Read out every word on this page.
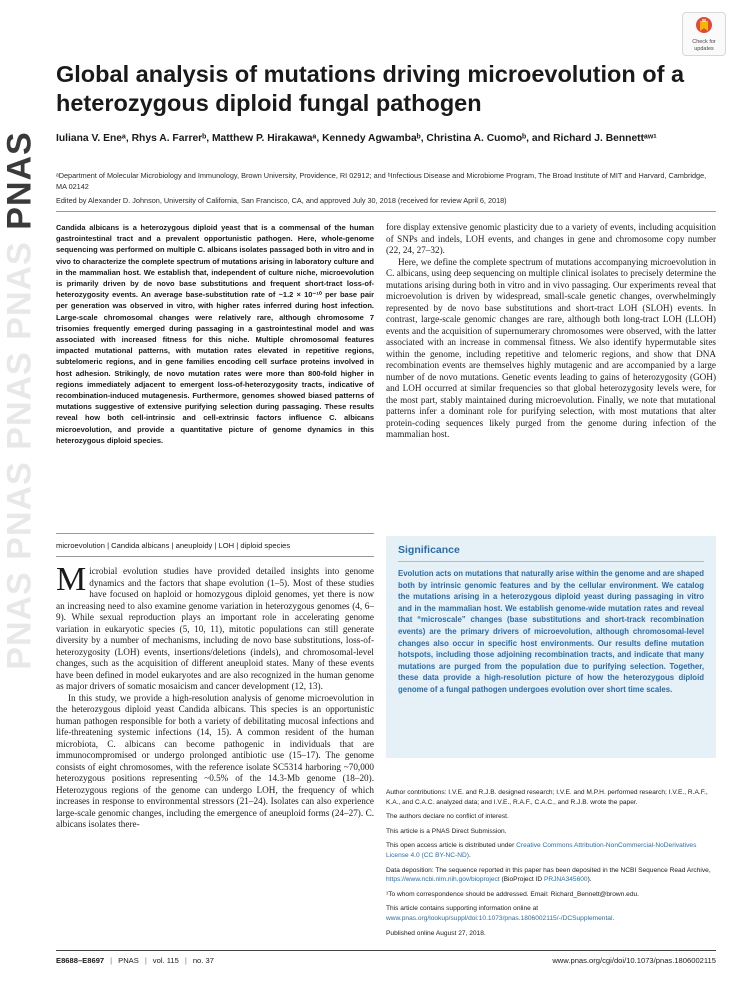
PNAS
PNAS
PNAS
PNAS
PNAS
Check for updates
Global analysis of mutations driving microevolution of a heterozygous diploid fungal pathogen
Iuliana V. Eneᵃ, Rhys A. Farrerᵇ, Matthew P. Hirakawaᵃ, Kennedy Agwambaᵇ, Christina A. Cuomoᵇ, and Richard J. Bennettᵃʷ¹
ᵃDepartment of Molecular Microbiology and Immunology, Brown University, Providence, RI 02912; and ᵇInfectious Disease and Microbiome Program, The Broad Institute of MIT and Harvard, Cambridge, MA 02142
Edited by Alexander D. Johnson, University of California, San Francisco, CA, and approved July 30, 2018 (received for review April 6, 2018)

Candida albicans is a heterozygous diploid yeast that is a commensal of the human gastrointestinal tract and a prevalent opportunistic pathogen. Here, whole-genome sequencing was performed on multiple C. albicans isolates passaged both in vitro and in vivo to characterize the complete spectrum of mutations arising in laboratory culture and in the mammalian host. We establish that, independent of culture niche, microevolution is primarily driven by de novo base substitutions and frequent short-tract loss-of-heterozygosity events. An average base-substitution rate of ~1.2 × 10⁻¹⁰ per base pair per generation was observed in vitro, with higher rates inferred during host infection. Large-scale chromosomal changes were relatively rare, although chromosome 7 trisomies frequently emerged during passaging in a gastrointestinal model and was associated with increased fitness for this niche. Multiple chromosomal features impacted mutational patterns, with mutation rates elevated in repetitive regions, subtelomeric regions, and in gene families encoding cell surface proteins involved in host adhesion. Strikingly, de novo mutation rates were more than 800-fold higher in regions immediately adjacent to emergent loss-of-heterozygosity tracts, indicative of recombination-induced mutagenesis. Furthermore, genomes showed biased patterns of mutations suggestive of extensive purifying selection during passaging. These results reveal how both cell-intrinsic and cell-extrinsic factors influence C. albicans microevolution, and provide a quantitative picture of genome dynamics in this heterozygous diploid species.

microevolution | Candida albicans | aneuploidy | LOH | diploid species

Microbial evolution studies have provided detailed insights into genome dynamics and the factors that shape evolution (1–5). Most of these studies have focused on haploid or homozygous diploid genomes, yet there is now an increasing need to also examine genome variation in heterozygous genomes (4, 6–9). While sexual reproduction plays an important role in accelerating genome variation in eukaryotic species (5, 10, 11), mitotic populations can still generate diversity by a number of mechanisms, including de novo base substitutions, loss-of-heterozygosity (LOH) events, insertions/deletions (indels), and chromosomal-level changes, such as the acquisition of different aneuploid states. Many of these events have been defined in model eukaryotes and are also recognized in the human genome as major drivers of somatic mosaicism and cancer development (12, 13).

In this study, we provide a high-resolution analysis of genome microevolution in the heterozygous diploid yeast Candida albicans. This species is an opportunistic human pathogen responsible for both a variety of debilitating mucosal infections and life-threatening systemic infections (14, 15). A common resident of the human microbiota, C. albicans can become pathogenic in individuals that are immunocompromised or undergo prolonged antibiotic use (15–17). The genome consists of eight chromosomes, with the reference isolate SC5314 harboring ~70,000 heterozygous positions representing ~0.5% of the 14.3-Mb genome (18–20). Heterozygous regions of the genome can undergo LOH, the frequency of which increases in response to environmental stressors (21–24). Isolates can also experience large-scale genomic changes, including the emergence of aneuploid forms (24–27). C. albicans isolates there-

fore display extensive genomic plasticity due to a variety of events, including acquisition of SNPs and indels, LOH events, and changes in gene and chromosome copy number (22, 24, 27–32).

Here, we define the complete spectrum of mutations accompanying microevolution in C. albicans, using deep sequencing on multiple clinical isolates to precisely determine the mutations arising during both in vitro and in vivo passaging. Our experiments reveal that microevolution is driven by widespread, small-scale genetic changes, overwhelmingly represented by de novo base substitutions and short-tract LOH (SLOH) events. In contrast, large-scale genomic changes are rare, although both long-tract LOH (LLOH) events and the acquisition of supernumerary chromosomes were observed, with the latter associated with an increase in commensal fitness. We also identify hypermutable sites within the genome, including repetitive and telomeric regions, and show that DNA recombination events are themselves highly mutagenic and are accompanied by a large number of de novo mutations. Genetic events leading to gains of heterozygosity (GOH) and LOH occurred at similar frequencies so that global heterozygosity levels were, for the most part, stably maintained during microevolution. Finally, we note that mutational patterns infer a dominant role for purifying selection, with most mutations that alter protein-coding sequences likely purged from the genome during infection of the mammalian host.

Significance

Evolution acts on mutations that naturally arise within the genome and are shaped both by intrinsic genomic features and by the cellular environment. We catalog the mutations arising in a heterozygous diploid yeast during passaging in vitro and in the mammalian host. We establish genome-wide mutation rates and reveal that “microscale” changes (base substitutions and short-track recombination events) are the primary drivers of microevolution, although chromosomal-level changes also occur in specific host environments. Our results define mutation hotspots, including those adjoining recombination tracts, and indicate that many mutations are purged from the population due to purifying selection. Together, these data provide a high-resolution picture of how the heterozygous diploid genome of a fungal pathogen undergoes evolution over short time scales.

Author contributions: I.V.E. and R.J.B. designed research; I.V.E. and M.P.H. performed research; I.V.E., R.A.F., K.A., and C.A.C. analyzed data; and I.V.E., R.A.F., C.A.C., and R.J.B. wrote the paper.

The authors declare no conflict of interest.

This article is a PNAS Direct Submission.

This open access article is distributed under Creative Commons Attribution-NonCommercial-NoDerivatives License 4.0 (CC BY-NC-ND).

Data deposition: The sequence reported in this paper has been deposited in the NCBI Sequence Read Archive, https://www.ncbi.nlm.nih.gov/bioproject (BioProject ID PRJNA345600).

¹To whom correspondence should be addressed. Email: Richard_Bennett@brown.edu.

This article contains supporting information online at www.pnas.org/lookup/suppl/doi:10.1073/pnas.1806002115/-/DCSupplemental.

Published online August 27, 2018.

E8688–E8697 | PNAS | vol. 115 | no. 37	www.pnas.org/cgi/doi/10.1073/pnas.1806002115
